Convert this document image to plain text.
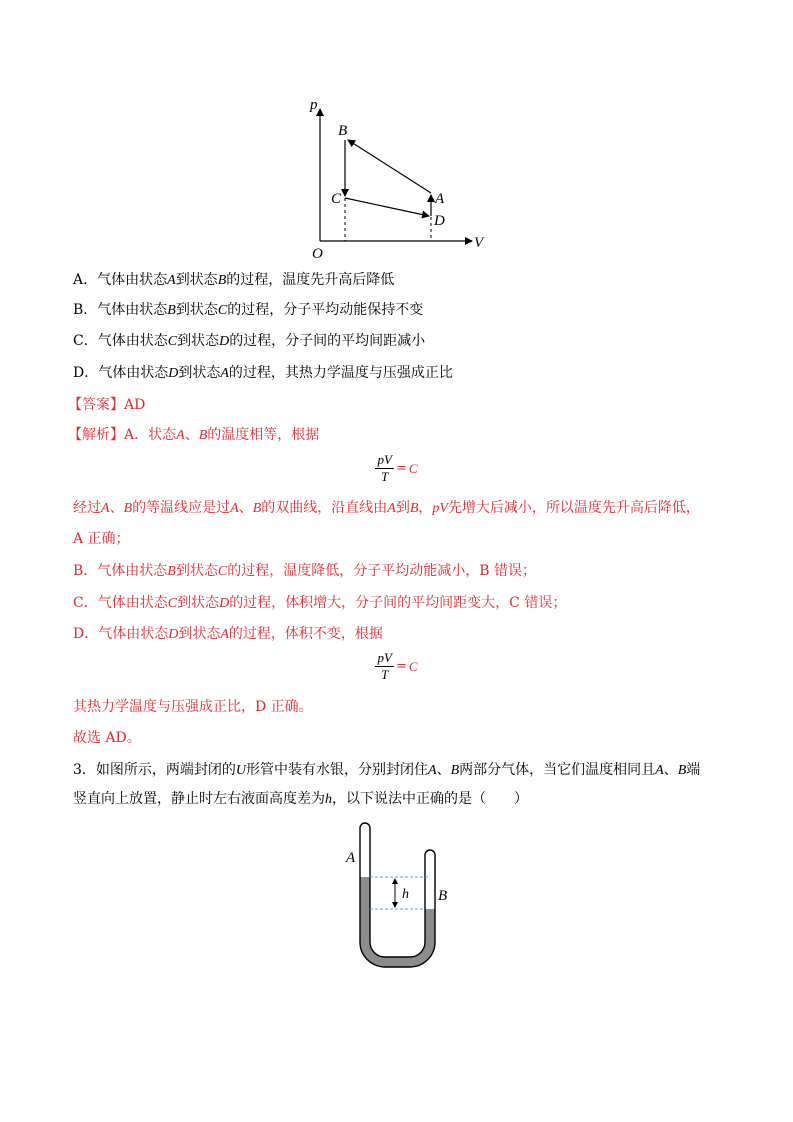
p
V
O
B
C	A
D
A．气体由状态A到状态B的过程，温度先升高后降低
B．气体由状态B到状态C的过程，分子平均动能保持不变
C．气体由状态C到状态D的过程，分子间的平均间距减小
D．气体由状态D到状态A的过程，其热力学温度与压强成正比
【答案】AD
【解析】A．状态A、B的温度相等，根据
$\frac{pV}{T} = C$
经过A、B的等温线应是过A、B的双曲线，沿直线由A到B，pV先增大后减小，所以温度先升高后降低，
A 正确；
B．气体由状态B到状态C的过程，温度降低，分子平均动能减小，B 错误；
C．气体由状态C到状态D的过程，体积增大，分子间的平均间距变大，C 错误；
D．气体由状态D到状态A的过程，体积不变，根据
$\frac{pV}{T} = C$
其热力学温度与压强成正比，D 正确。
故选 AD。
3．如图所示，两端封闭的U形管中装有水银，分别封闭住A、B两部分气体，当它们温度相同且A、B端
竖直向上放置，静止时左右液面高度差为h，以下说法中正确的是（　　）
A
B
h
